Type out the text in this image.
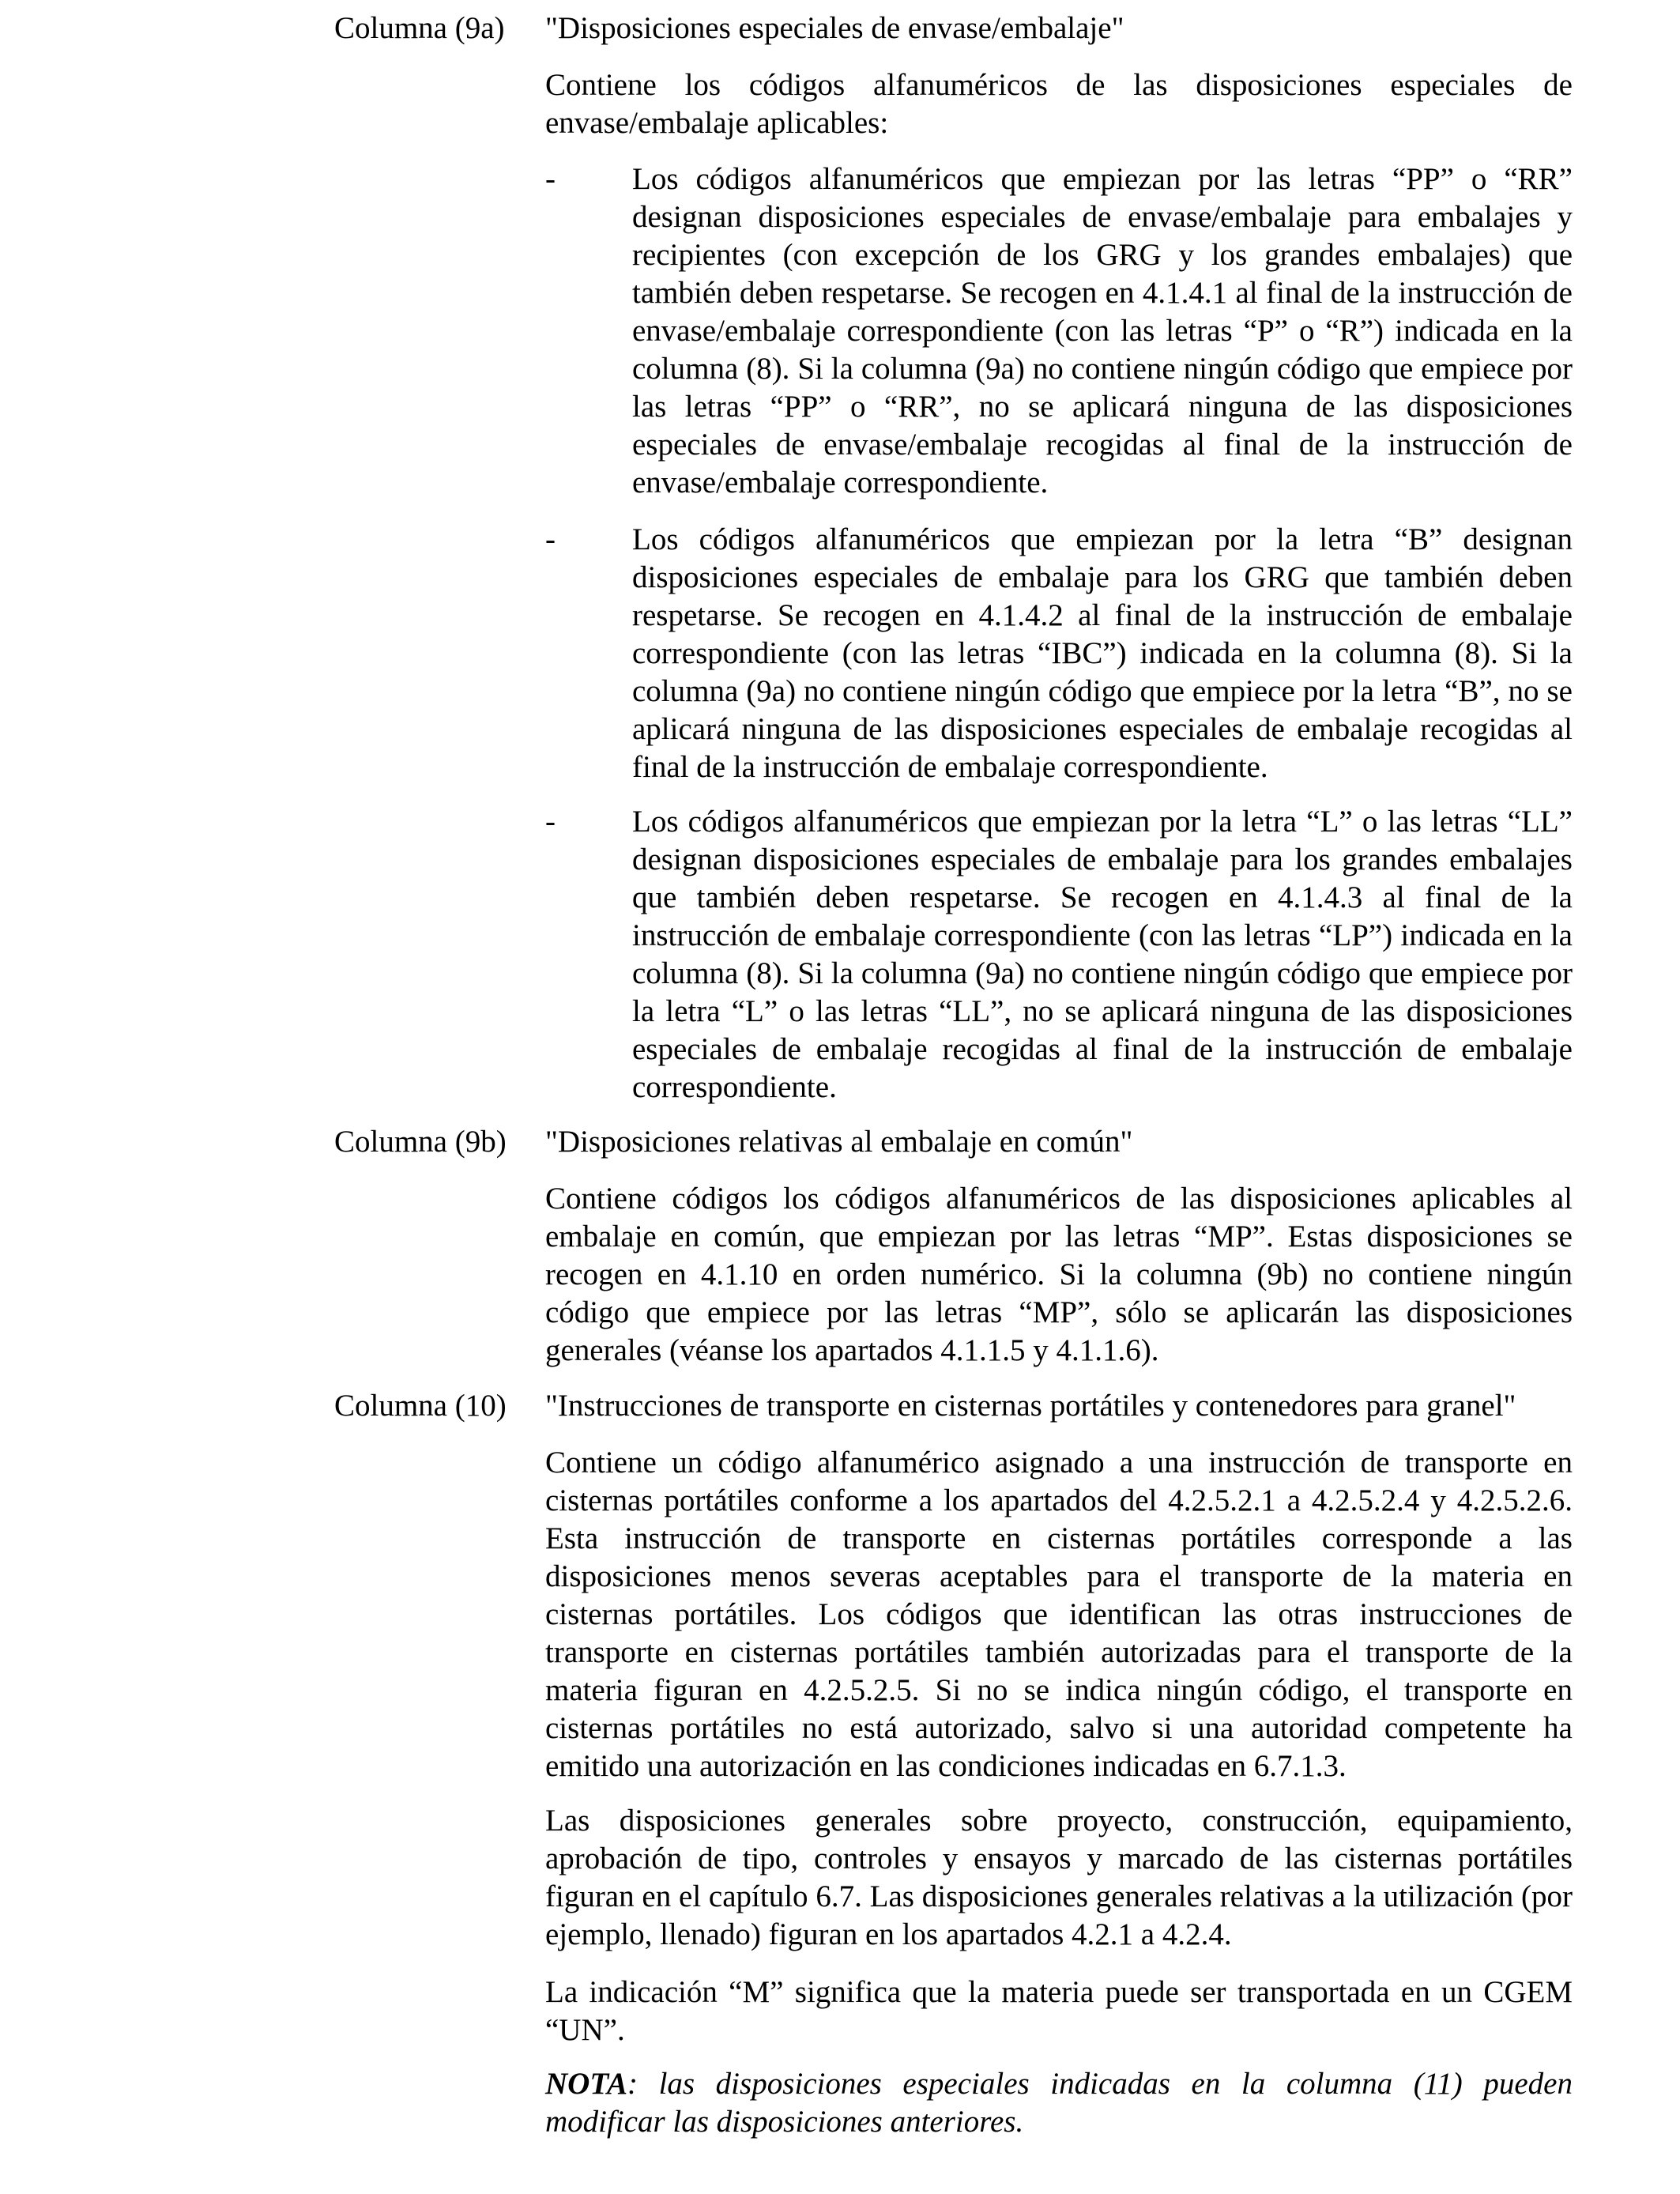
Columna (9a)	"Disposiciones especiales de envase/embalaje"
Contiene los códigos alfanuméricos de las disposiciones especiales de envase/embalaje aplicables:
-	Los códigos alfanuméricos que empiezan por las letras “PP” o “RR” designan disposiciones especiales de envase/embalaje para embalajes y recipientes (con excepción de los GRG y los grandes embalajes) que también deben respetarse. Se recogen en 4.1.4.1 al final de la instrucción de envase/embalaje correspondiente (con las letras “P” o “R”) indicada en la columna (8). Si la columna (9a) no contiene ningún código que empiece por las letras “PP” o “RR”, no se aplicará ninguna de las disposiciones especiales de envase/embalaje recogidas al final de la instrucción de envase/embalaje correspondiente.
-	Los códigos alfanuméricos que empiezan por la letra “B” designan disposiciones especiales de embalaje para los GRG que también deben respetarse. Se recogen en 4.1.4.2 al final de la instrucción de embalaje correspondiente (con las letras “IBC”) indicada en la columna (8). Si la columna (9a) no contiene ningún código que empiece por la letra “B”, no se aplicará ninguna de las disposiciones especiales de embalaje recogidas al final de la instrucción de embalaje correspondiente.
-	Los códigos alfanuméricos que empiezan por la letra “L” o las letras “LL” designan disposiciones especiales de embalaje para los grandes embalajes que también deben respetarse. Se recogen en 4.1.4.3 al final de la instrucción de embalaje correspondiente (con las letras “LP”) indicada en la columna (8). Si la columna (9a) no contiene ningún código que empiece por la letra “L” o las letras “LL”, no se aplicará ninguna de las disposiciones especiales de embalaje recogidas al final de la instrucción de embalaje correspondiente.
Columna (9b)	"Disposiciones relativas al embalaje en común"
Contiene códigos los códigos alfanuméricos de las disposiciones aplicables al embalaje en común, que empiezan por las letras “MP”. Estas disposiciones se recogen en 4.1.10 en orden numérico. Si la columna (9b) no contiene ningún código que empiece por las letras “MP”, sólo se aplicarán las disposiciones generales (véanse los apartados 4.1.1.5 y 4.1.1.6).
Columna (10)	"Instrucciones de transporte en cisternas portátiles y contenedores para granel"
Contiene un código alfanumérico asignado a una instrucción de transporte en cisternas portátiles conforme a los apartados del 4.2.5.2.1 a 4.2.5.2.4 y 4.2.5.2.6. Esta instrucción de transporte en cisternas portátiles corresponde a las disposiciones menos severas aceptables para el transporte de la materia en cisternas portátiles. Los códigos que identifican las otras instrucciones de transporte en cisternas portátiles también autorizadas para el transporte de la materia figuran en 4.2.5.2.5. Si no se indica ningún código, el transporte en cisternas portátiles no está autorizado, salvo si una autoridad competente ha emitido una autorización en las condiciones indicadas en 6.7.1.3.
Las disposiciones generales sobre proyecto, construcción, equipamiento, aprobación de tipo, controles y ensayos y marcado de las cisternas portátiles figuran en el capítulo 6.7. Las disposiciones generales relativas a la utilización (por ejemplo, llenado) figuran en los apartados 4.2.1 a 4.2.4.
La indicación “M” significa que la materia puede ser transportada en un CGEM “UN”.
NOTA: las disposiciones especiales indicadas en la columna (11) pueden modificar las disposiciones anteriores.
